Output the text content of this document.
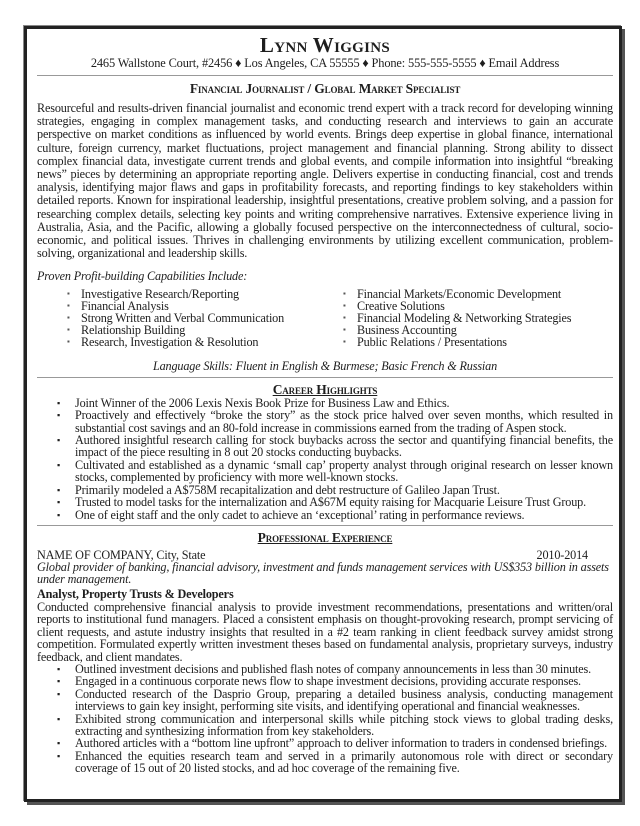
Lynn Wiggins
2465 Wallstone Court, #2456 ♦ Los Angeles, CA 55555 ♦ Phone: 555-555-5555 ♦ Email Address
Financial Journalist / Global Market Specialist
Resourceful and results-driven financial journalist and economic trend expert with a track record for developing winning strategies, engaging in complex management tasks, and conducting research and interviews to gain an accurate perspective on market conditions as influenced by world events. Brings deep expertise in global finance, international culture, foreign currency, market fluctuations, project management and financial planning. Strong ability to dissect complex financial data, investigate current trends and global events, and compile information into insightful “breaking news” pieces by determining an appropriate reporting angle. Delivers expertise in conducting financial, cost and trends analysis, identifying major flaws and gaps in profitability forecasts, and reporting findings to key stakeholders within detailed reports. Known for inspirational leadership, insightful presentations, creative problem solving, and a passion for researching complex details, selecting key points and writing comprehensive narratives. Extensive experience living in Australia, Asia, and the Pacific, allowing a globally focused perspective on the interconnectedness of cultural, socio-economic, and political issues. Thrives in challenging environments by utilizing excellent communication, problem-solving, organizational and leadership skills.
Proven Profit-building Capabilities Include:
▪ Investigative Research/Reporting
▪ Financial Analysis
▪ Strong Written and Verbal Communication
▪ Relationship Building
▪ Research, Investigation & Resolution
▪ Financial Markets/Economic Development
▪ Creative Solutions
▪ Financial Modeling & Networking Strategies
▪ Business Accounting
▪ Public Relations / Presentations
Language Skills: Fluent in English & Burmese; Basic French & Russian
Career Highlights
▪ Joint Winner of the 2006 Lexis Nexis Book Prize for Business Law and Ethics.
▪ Proactively and effectively “broke the story” as the stock price halved over seven months, which resulted in substantial cost savings and an 80-fold increase in commissions earned from the trading of Aspen stock.
▪ Authored insightful research calling for stock buybacks across the sector and quantifying financial benefits, the impact of the piece resulting in 8 out 20 stocks conducting buybacks.
▪ Cultivated and established as a dynamic ‘small cap’ property analyst through original research on lesser known stocks, complemented by proficiency with more well-known stocks.
▪ Primarily modeled a A$758M recapitalization and debt restructure of Galileo Japan Trust.
▪ Trusted to model tasks for the internalization and A$67M equity raising for Macquarie Leisure Trust Group.
▪ One of eight staff and the only cadet to achieve an ‘exceptional’ rating in performance reviews.
Professional Experience
NAME OF COMPANY, City, State	2010-2014
Global provider of banking, financial advisory, investment and funds management services with US$353 billion in assets under management.
Analyst, Property Trusts & Developers
Conducted comprehensive financial analysis to provide investment recommendations, presentations and written/oral reports to institutional fund managers. Placed a consistent emphasis on thought-provoking research, prompt servicing of client requests, and astute industry insights that resulted in a #2 team ranking in client feedback survey amidst strong competition. Formulated expertly written investment theses based on fundamental analysis, proprietary surveys, industry feedback, and client mandates.
▪ Outlined investment decisions and published flash notes of company announcements in less than 30 minutes.
▪ Engaged in a continuous corporate news flow to shape investment decisions, providing accurate responses.
▪ Conducted research of the Dasprio Group, preparing a detailed business analysis, conducting management interviews to gain key insight, performing site visits, and identifying operational and financial weaknesses.
▪ Exhibited strong communication and interpersonal skills while pitching stock views to global trading desks, extracting and synthesizing information from key stakeholders.
▪ Authored articles with a “bottom line upfront” approach to deliver information to traders in condensed briefings.
▪ Enhanced the equities research team and served in a primarily autonomous role with direct or secondary coverage of 15 out of 20 listed stocks, and ad hoc coverage of the remaining five.
